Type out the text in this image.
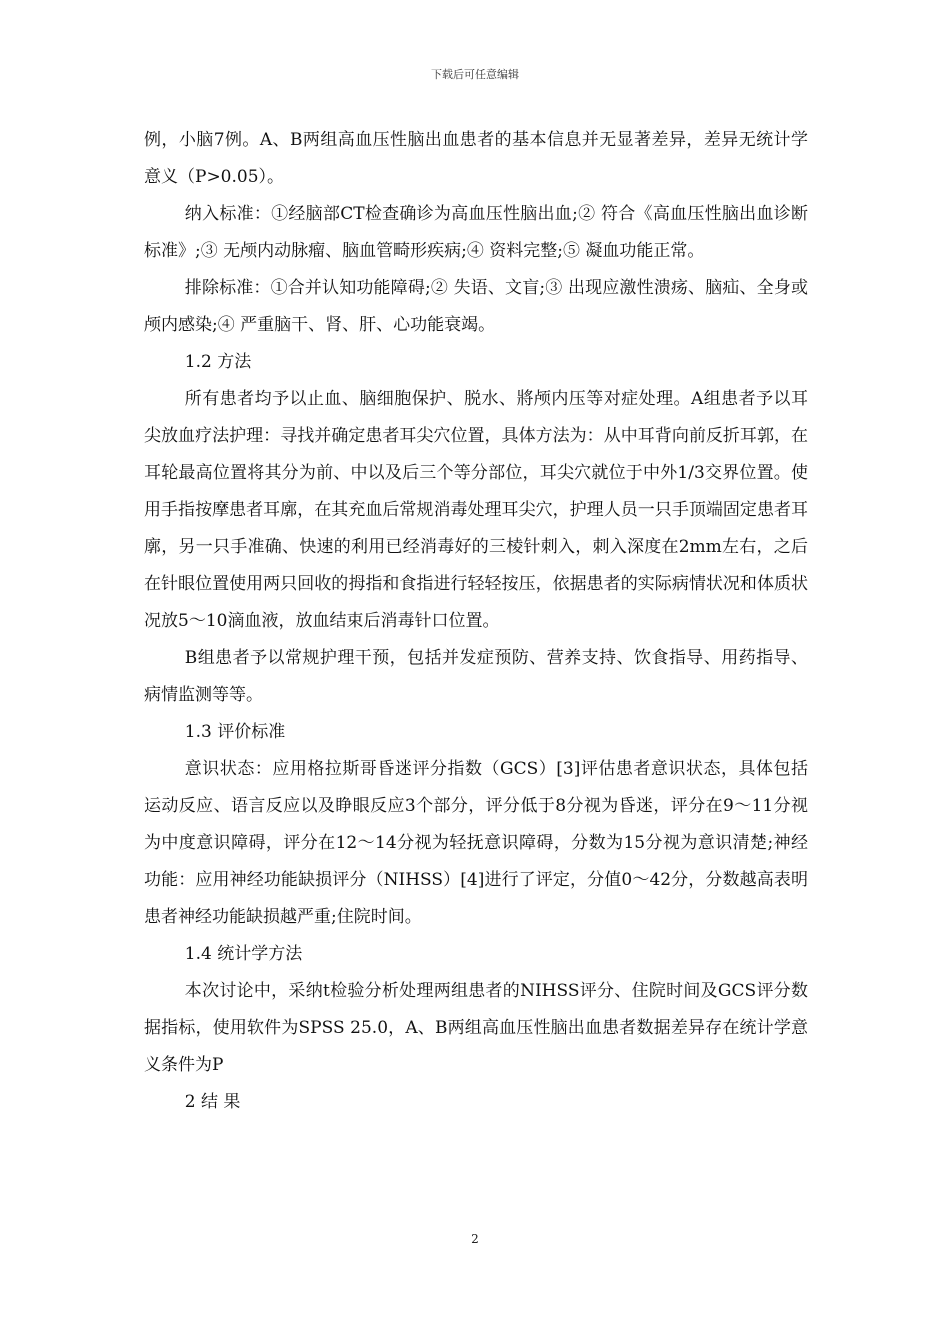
下载后可任意编辑

例，小脑7例。A、B两组高血压性脑出血患者的基本信息并无显著差异，差异无统计学意义（P>0.05）。

纳入标准：①经脑部CT检查确诊为高血压性脑出血;② 符合《高血压性脑出血诊断标准》;③ 无颅内动脉瘤、脑血管畸形疾病;④ 资料完整;⑤ 凝血功能正常。

排除标准：①合并认知功能障碍;② 失语、文盲;③ 出现应激性溃疡、脑疝、全身或颅内感染;④ 严重脑干、肾、肝、心功能衰竭。

1.2 方法

所有患者均予以止血、脑细胞保护、脱水、將颅内压等对症处理。A组患者予以耳尖放血疗法护理：寻找并确定患者耳尖穴位置，具体方法为：从中耳背向前反折耳郭，在耳轮最高位置将其分为前、中以及后三个等分部位，耳尖穴就位于中外1/3交界位置。使用手指按摩患者耳廓，在其充血后常规消毒处理耳尖穴，护理人员一只手顶端固定患者耳廓，另一只手准确、快速的利用已经消毒好的三棱针刺入，刺入深度在2mm左右，之后在针眼位置使用两只回收的拇指和食指进行轻轻按压，依据患者的实际病情状况和体质状况放5～10滴血液，放血结束后消毒针口位置。

B组患者予以常规护理干预，包括并发症预防、营养支持、饮食指导、用药指导、病情监测等等。

1.3 评价标准

意识状态：应用格拉斯哥昏迷评分指数（GCS）[3]评估患者意识状态，具体包括运动反应、语言反应以及睁眼反应3个部分，评分低于8分视为昏迷，评分在9～11分视为中度意识障碍，评分在12～14分视为轻抚意识障碍，分数为15分视为意识清楚;神经功能：应用神经功能缺损评分（NIHSS）[4]进行了评定，分值0～42分，分数越高表明患者神经功能缺损越严重;住院时间。

1.4 统计学方法

本次讨论中，采纳t检验分析处理两组患者的NIHSS评分、住院时间及GCS评分数据指标，使用软件为SPSS 25.0，A、B两组高血压性脑出血患者数据差异存在统计学意义条件为P

2 结 果

2
